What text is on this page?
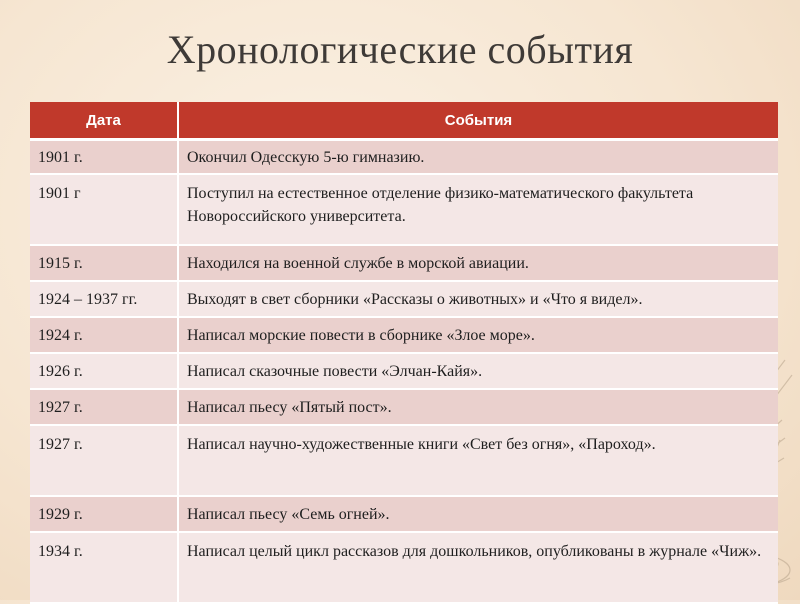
Хронологические события
Дата	События
1901 г.	Окончил Одесскую 5-ю гимназию.
1901 г	Поступил на естественное отделение физико-математического факультета Новороссийского университета.
1915 г.	Находился на военной службе в морской авиации.
1924 – 1937 гг.	Выходят в свет сборники «Рассказы о животных» и «Что я видел».
1924 г.	Написал морские повести в сборнике «Злое море».
1926 г.	Написал сказочные повести «Элчан-Кайя».
1927 г.	Написал пьесу «Пятый пост».
1927 г.	Написал научно-художественные книги «Свет без огня», «Пароход».
1929 г.	Написал пьесу «Семь огней».
1934 г.	Написал целый цикл рассказов для дошкольников, опубликованы в журнале «Чиж».
